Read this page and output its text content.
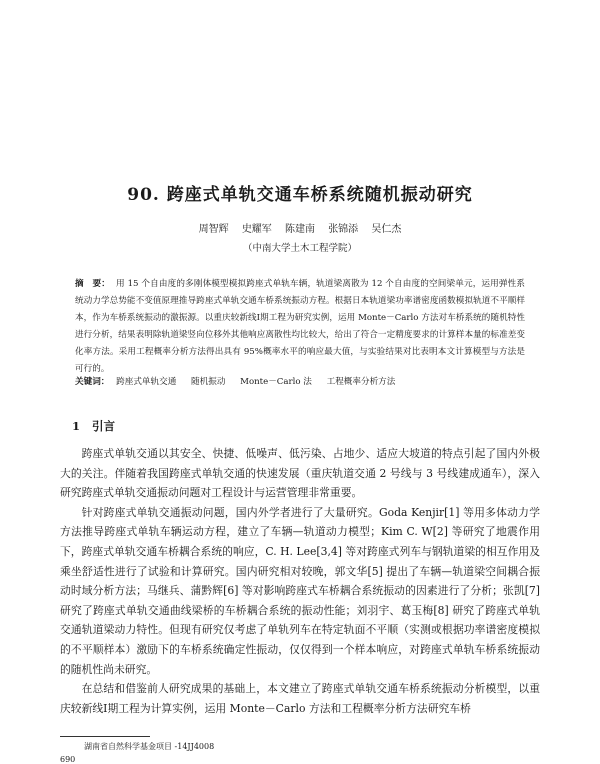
90. 跨座式单轨交通车桥系统随机振动研究
周智辉 史耀军 陈建南 张锦添 吴仁杰
（中南大学土木工程学院）
摘　要： 用 15 个自由度的多刚体模型模拟跨座式单轨车辆，轨道梁离散为 12 个自由度的空间梁单元，运用弹性系统动力学总势能不变值原理推导跨座式单轨交通车桥系统振动方程。根据日本轨道梁功率谱密度函数模拟轨道不平顺样本，作为车桥系统振动的激振源。以重庆较新线Ⅰ期工程为研究实例，运用 Monte－Carlo 方法对车桥系统的随机特性进行分析，结果表明除轨道梁竖向位移外其他响应离散性均比较大，给出了符合一定精度要求的计算样本量的标准差变化率方法。采用工程概率分析方法得出具有 95%概率水平的响应最大值，与实验结果对比表明本文计算模型与方法是可行的。
关键词： 跨座式单轨交通 随机振动 Monte－Carlo 法 工程概率分析方法
1 引言

跨座式单轨交通以其安全、快捷、低噪声、低污染、占地少、适应大坡道的特点引起了国内外极大的关注。伴随着我国跨座式单轨交通的快速发展（重庆轨道交通 2 号线与 3 号线建成通车），深入研究跨座式单轨交通振动问题对工程设计与运营管理非常重要。

针对跨座式单轨交通振动问题，国内外学者进行了大量研究。Goda Kenjir[1] 等用多体动力学方法推导跨座式单轨车辆运动方程，建立了车辆—轨道动力模型；Kim C. W[2] 等研究了地震作用下，跨座式单轨交通车桥耦合系统的响应，C. H. Lee[3,4] 等对跨座式列车与钢轨道梁的相互作用及乘坐舒适性进行了试验和计算研究。国内研究相对较晚，郭文华[5] 提出了车辆—轨道梁空间耦合振动时域分析方法；马继兵、蒲黔辉[6] 等对影响跨座式车桥耦合系统振动的因素进行了分析；张凯[7] 研究了跨座式单轨交通曲线梁桥的车桥耦合系统的振动性能；刘羽宇、葛玉梅[8] 研究了跨座式单轨交通轨道梁动力特性。但现有研究仅考虑了单轨列车在特定轨面不平顺（实测或根据功率谱密度模拟的不平顺样本）激励下的车桥系统确定性振动，仅仅得到一个样本响应，对跨座式单轨车桥系统振动的随机性尚未研究。

在总结和借鉴前人研究成果的基础上，本文建立了跨座式单轨交通车桥系统振动分析模型，以重庆较新线Ⅰ期工程为计算实例，运用 Monte－Carlo 方法和工程概率分析方法研究车桥

湖南省自然科学基金项目 -14JJ4008
690
